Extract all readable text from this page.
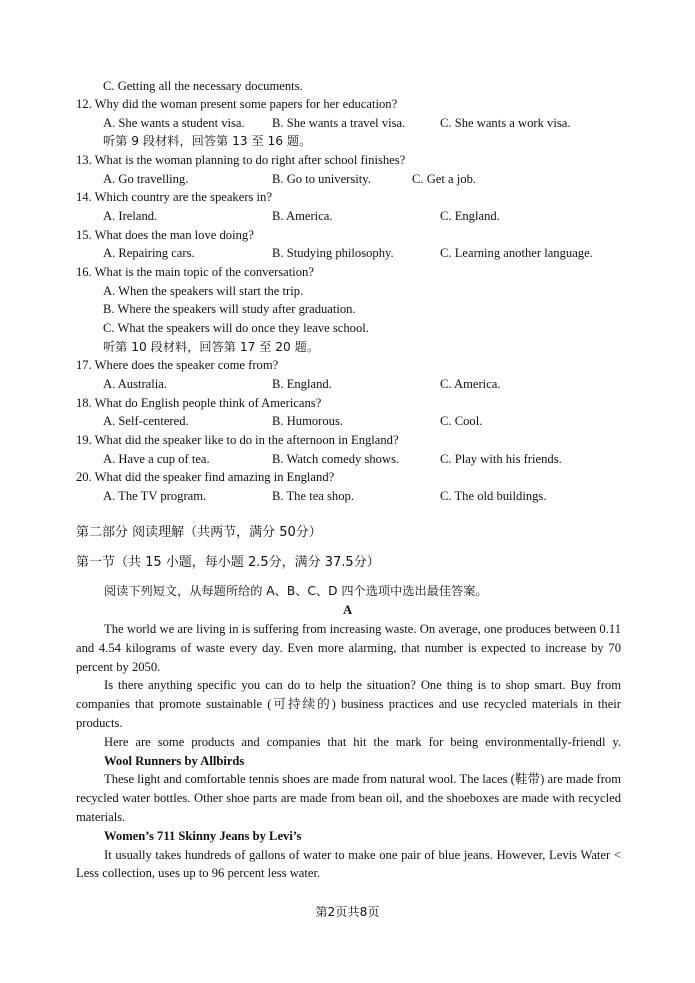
C. Getting all the necessary documents.
12. Why did the woman present some papers for her education?
A. She wants a student visa. B. She wants a travel visa.	C. She wants a work visa.
听第 9 段材料，回答第 13 至 16 题。
13. What is the woman planning to do right after school finishes?
A. Go travelling.	B. Go to university.	C. Get a job.
14. Which country are the speakers in?
A. Ireland.	B. America.	C. England.
15. What does the man love doing?
A. Repairing cars.	B. Studying philosophy.	C. Learning another language.
16. What is the main topic of the conversation?
A. When the speakers will start the trip.
B. Where the speakers will study after graduation.
C. What the speakers will do once they leave school.
听第 10 段材料，回答第 17 至 20 题。
17. Where does the speaker come from?
A. Australia.	B. England.	C. America.
18. What do English people think of Americans?
A. Self-centered.	B. Humorous.	C. Cool.
19. What did the speaker like to do in the afternoon in England?
A. Have a cup of tea.	B. Watch comedy shows.	C. Play with his friends.
20. What did the speaker find amazing in England?
A. The TV program.	B. The tea shop.	C. The old buildings.
第二部分 阅读理解（共两节，满分 50分）
第一节（共 15 小题，每小题 2.5分，满分 37.5分）
阅读下列短文，从每题所给的 A、B、C、D 四个选项中选出最佳答案。
A

The world we are living in is suffering from increasing waste. On average, one produces between 0.11 and 4.54 kilograms of waste every day. Even more alarming, that number is expected to increase by 70 percent by 2050.

Is there anything specific you can do to help the situation? One thing is to shop smart. Buy from companies that promote sustainable (可持续的) business practices and use recycled materials in their products.

Here are some products and companies that hit the mark for being environmentally-friendl y.

Wool Runners by Allbirds

These light and comfortable tennis shoes are made from natural wool. The laces (鞋带) are made from recycled water bottles. Other shoe parts are made from bean oil, and the shoeboxes are made with recycled materials.

Women’s 711 Skinny Jeans by Levi’s

It usually takes hundreds of gallons of water to make one pair of blue jeans. However, Levis Water < Less collection, uses up to 96 percent less water.

第2页共8页
